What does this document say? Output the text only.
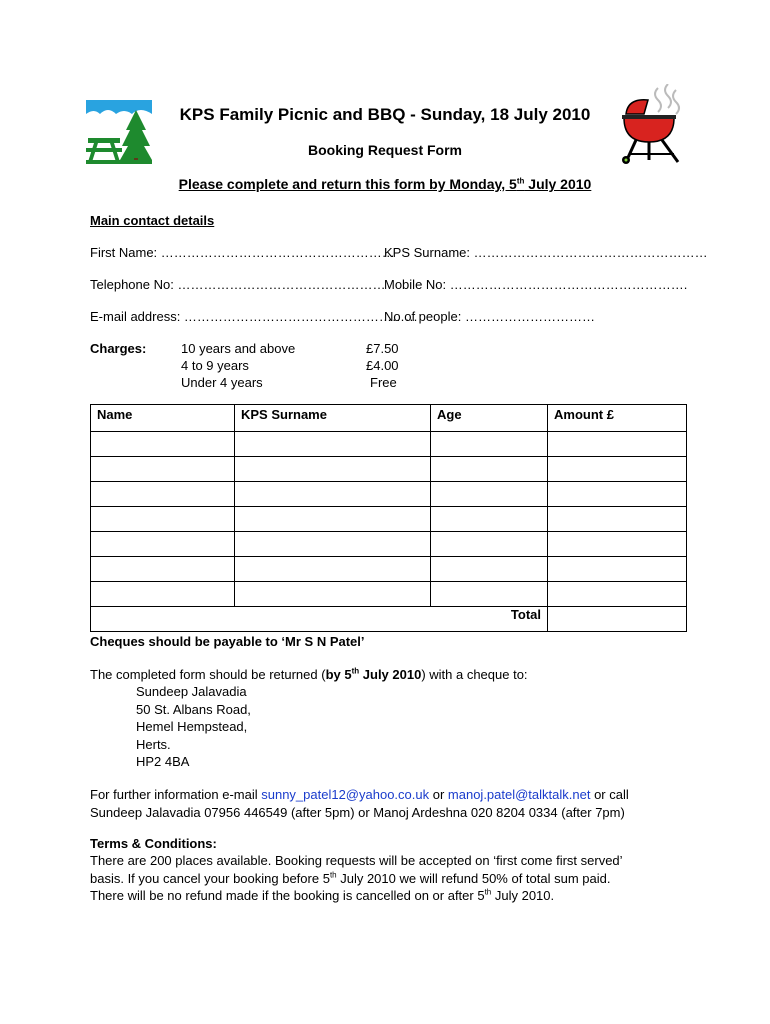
KPS Family Picnic and BBQ - Sunday, 18 July 2010
Booking Request Form
Please complete and return this form by Monday, 5th July 2010
Main contact details
First Name: ………………………………………………
KPS Surname: ………………………………………………
Telephone No: …………………………………………
Mobile No: ……………………………………………….
E-mail address: ………………………………………………
No of people: …………………………
Charges:	10 years and above	£7.50
4 to 9 years	£4.00
Under 4 years	Free
Name	KPS Surname	Age	Amount £

Total			
Cheques should be payable to ‘Mr S N Patel’
The completed form should be returned (by 5th July 2010) with a cheque to:
Sundeep Jalavadia
50 St. Albans Road,
Hemel Hempstead,
Herts.
HP2 4BA
For further information e-mail sunny_patel12@yahoo.co.uk or manoj.patel@talktalk.net or call
Sundeep Jalavadia 07956 446549 (after 5pm) or Manoj Ardeshna 020 8204 0334 (after 7pm)
Terms & Conditions:
There are 200 places available. Booking requests will be accepted on ‘first come first served’
basis. If you cancel your booking before 5th July 2010 we will refund 50% of total sum paid.
There will be no refund made if the booking is cancelled on or after 5th July 2010.
